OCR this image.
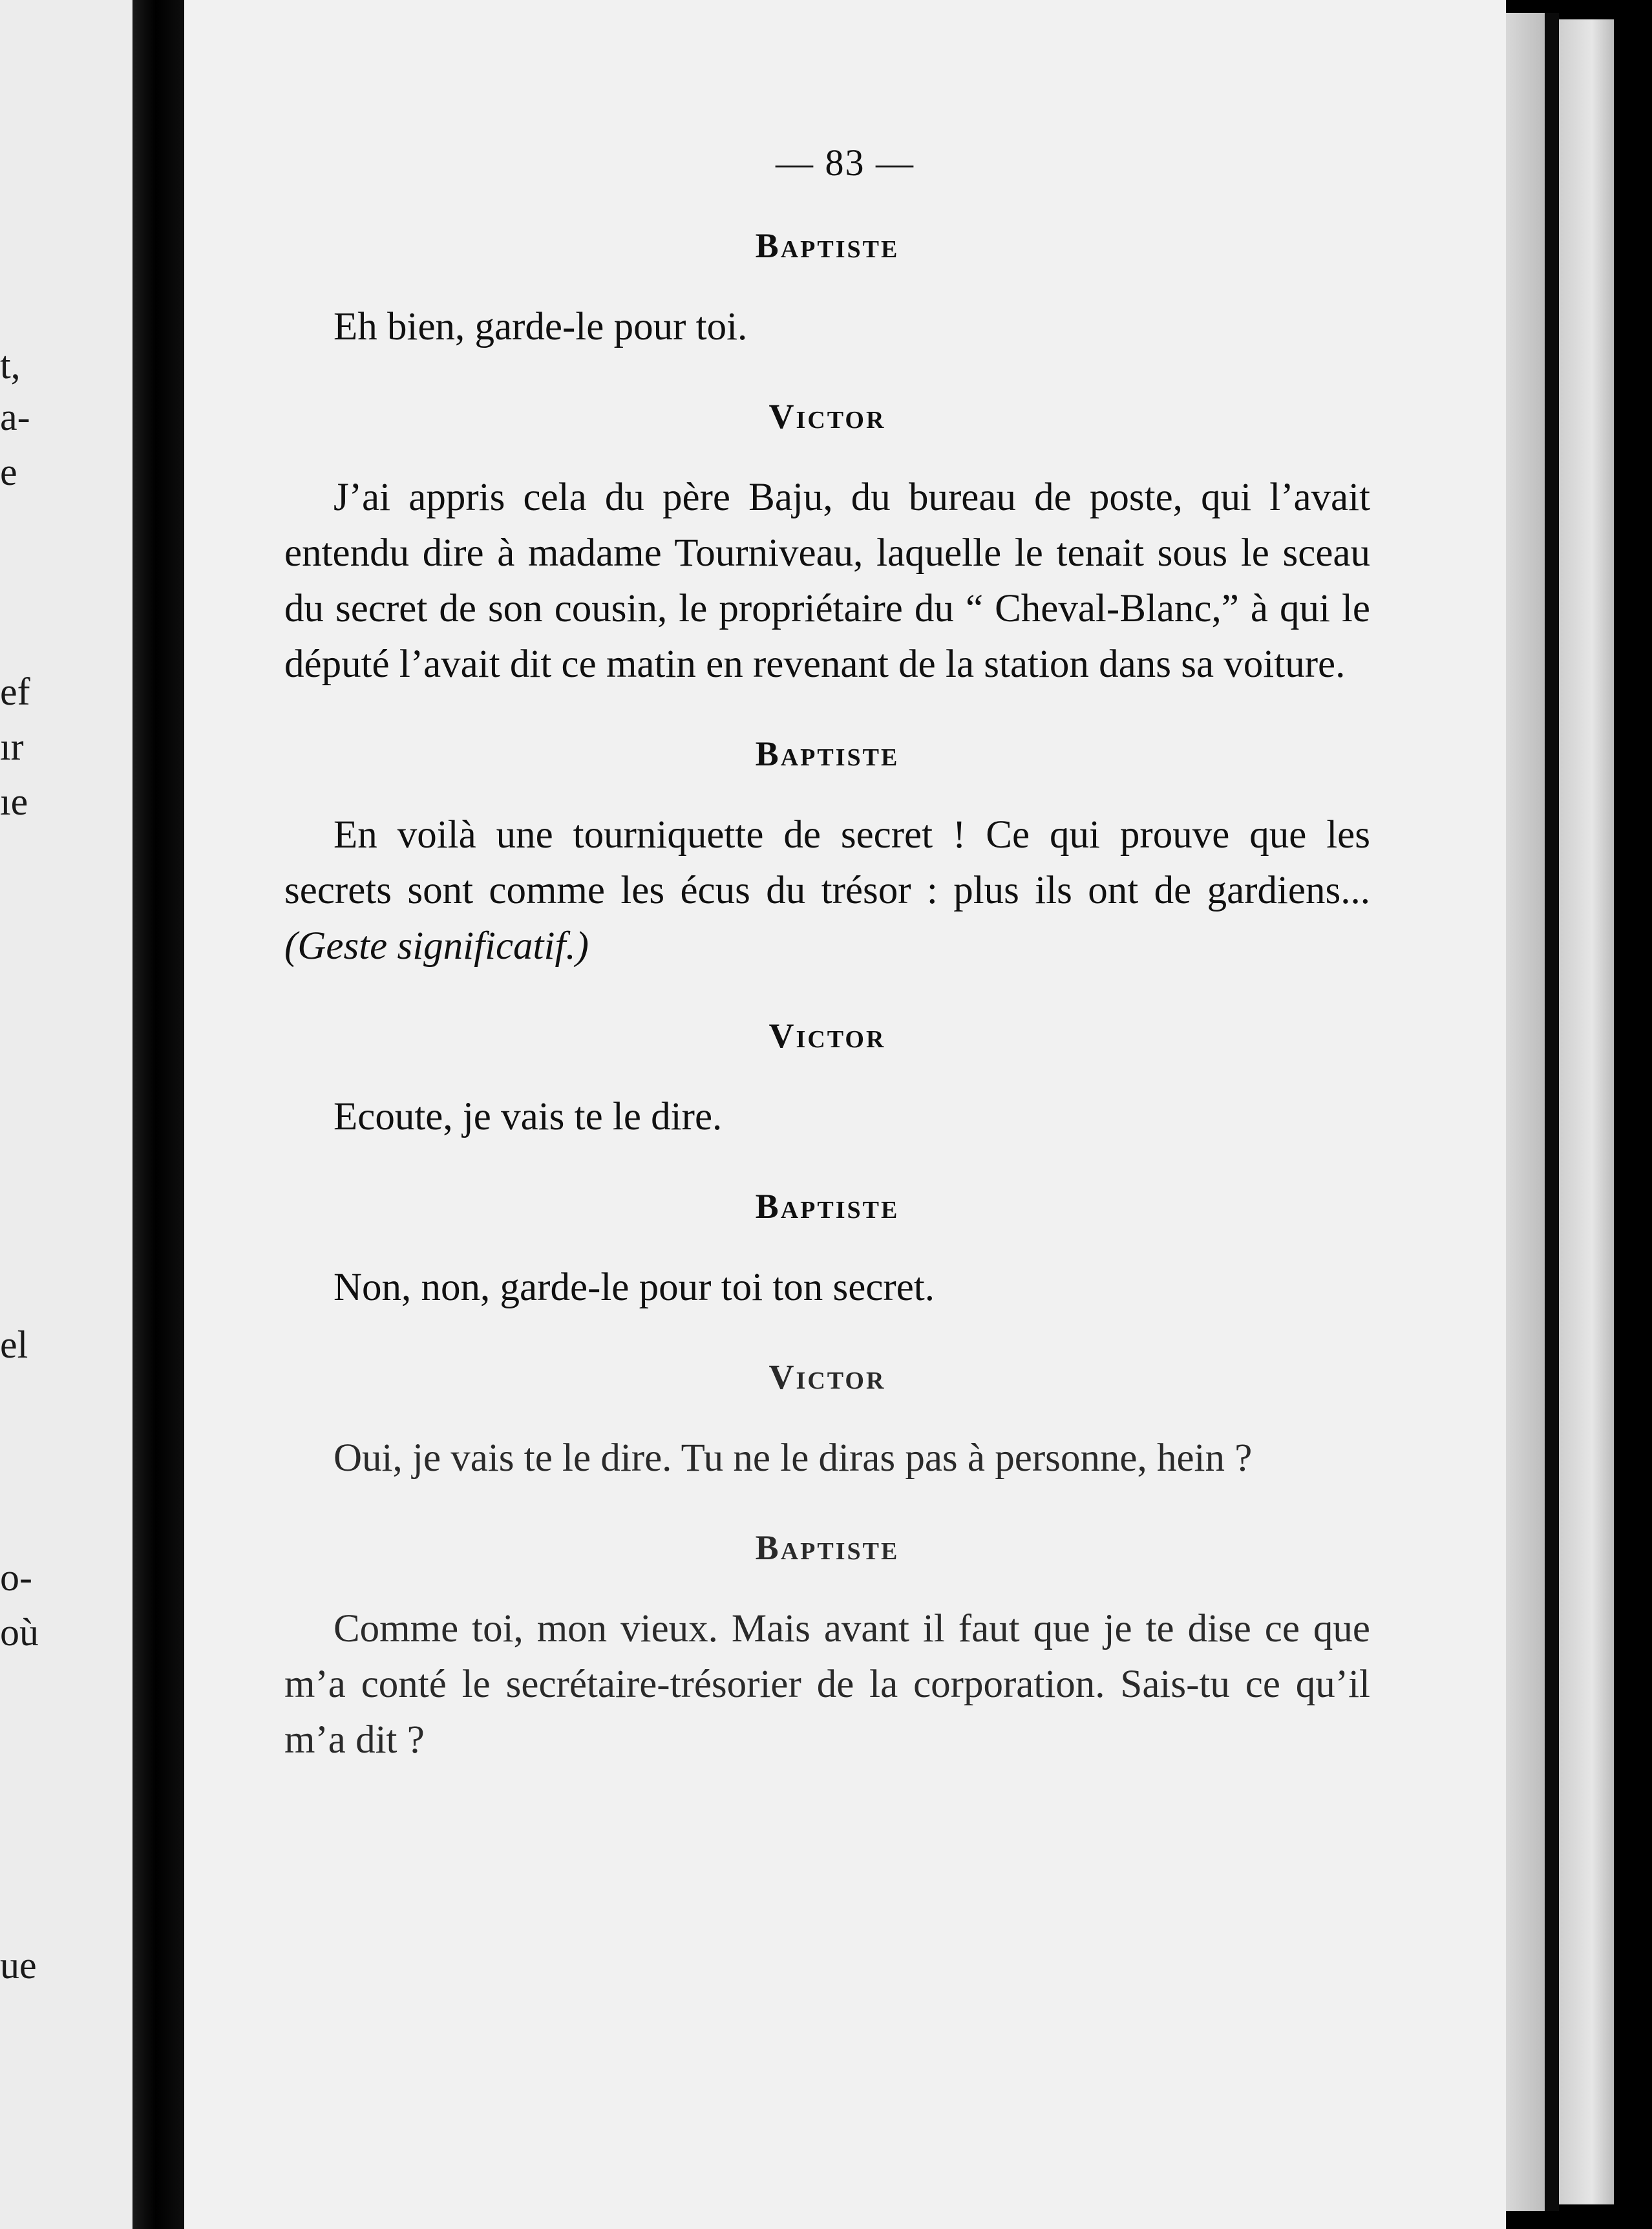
t,
a-
e
ef
ır
ıe
el
o-
où
ue
— 83 —

Baptiste

Eh bien, garde-le pour toi.

Victor

J’ai appris cela du père Baju, du bureau de poste, qui l’avait entendu dire à madame Tourniveau, laquelle le tenait sous le sceau du secret de son cousin, le propriétaire du “ Cheval-Blanc,” à qui le député l’avait dit ce matin en revenant de la station dans sa voiture.

Baptiste

En voilà une tourniquette de secret ! Ce qui prouve que les secrets sont comme les écus du trésor : plus ils ont de gardiens... (Geste significatif.)

Victor

Ecoute, je vais te le dire.

Baptiste

Non, non, garde-le pour toi ton secret.

Victor

Oui, je vais te le dire. Tu ne le diras pas à personne, hein ?

Baptiste

Comme toi, mon vieux. Mais avant il faut que je te dise ce que m’a conté le secrétaire-trésorier de la corporation. Sais-tu ce qu’il m’a dit ?
